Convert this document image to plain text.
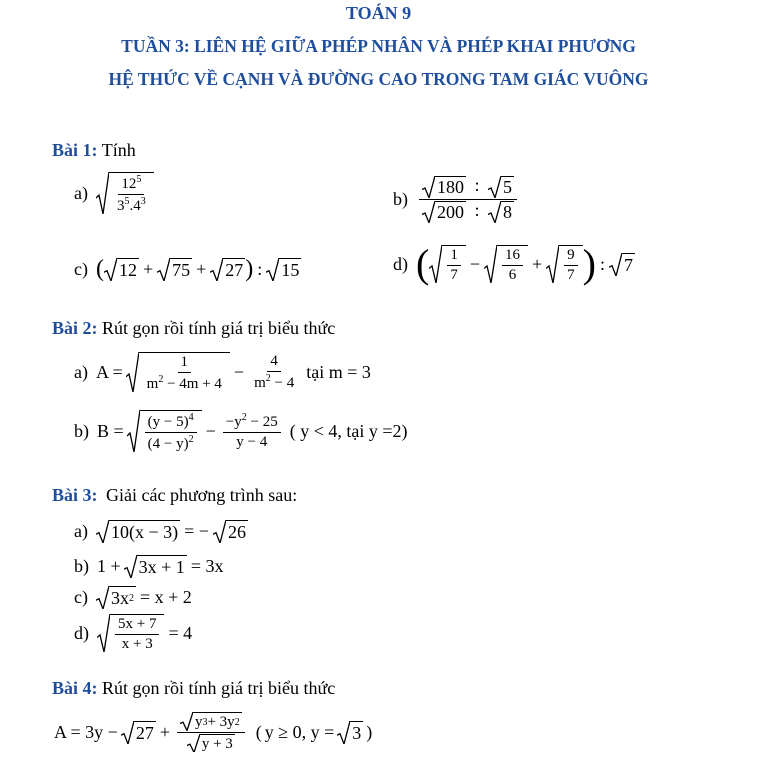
TOÁN 9
TUẦN 3: LIÊN HỆ GIỮA PHÉP NHÂN VÀ PHÉP KHAI PHƯƠNG
HỆ THỨC VỀ CẠNH VÀ ĐƯỜNG CAO TRONG TAM GIÁC VUÔNG
Bài 1: Tính
$a) \frac{12^5}{3^5.4^3}$	$b) \frac{180 : 5}{200 : 8}$
c) ( 12 + 75 + 27 ) : 15	d) ( $\frac{1}{7} - \frac{16}{6} + \frac{9}{7}$ ) : 7
Bài 2: Rút gọn rồi tính giá trị biểu thức
a) $A = \frac{1}{m^2 - 4m + 4} - \frac{4}{m^2 - 4}$ tại m = 3
b) $B = \frac{(y - 5)^4}{(4 - y)^2} - \frac{-y^2 - 25}{y - 4}$ ( y < 4, tại y =2)
Bài 3: Giải các phương trình sau:
a) 10(x − 3) = − 26
b) 1 + 3x + 1 = 3x
c) 3x 2 = x + 2
$d) \frac{5x + 7}{x + 3} = 4$
Bài 4: Rút gọn rồi tính giá trị biểu thức
$A = 3y - 27 + \frac{y 3 + 3y 2}{y + 3}$ ( y ≥ 0, y = 3 )
